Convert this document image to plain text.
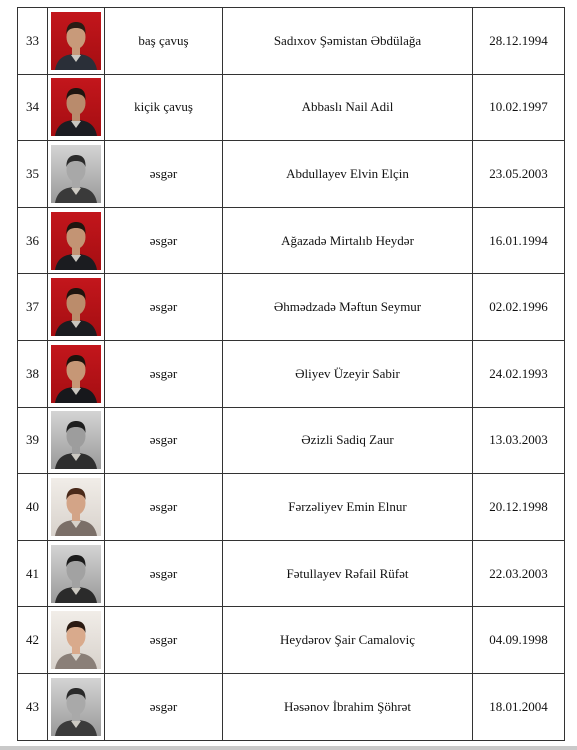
33		baş çavuş	Sadıxov Şəmistan Əbdülağa	28.12.1994
34		kiçik çavuş	Abbaslı Nail Adil	10.02.1997
35		əsgər	Abdullayev Elvin Elçin	23.05.2003
36		əsgər	Ağazadə Mirtalıb Heydər	16.01.1994
37		əsgər	Əhmədzadə Məftun Seymur	02.02.1996
38		əsgər	Əliyev Üzeyir Sabir	24.02.1993
39		əsgər	Əzizli Sadiq Zaur	13.03.2003
40		əsgər	Fərzəliyev Emin Elnur	20.12.1998
41		əsgər	Fətullayev Rəfail Rüfət	22.03.2003
42		əsgər	Heydərov Şair Camaloviç	04.09.1998
43		əsgər	Həsənov İbrahim Şöhrət	18.01.2004
